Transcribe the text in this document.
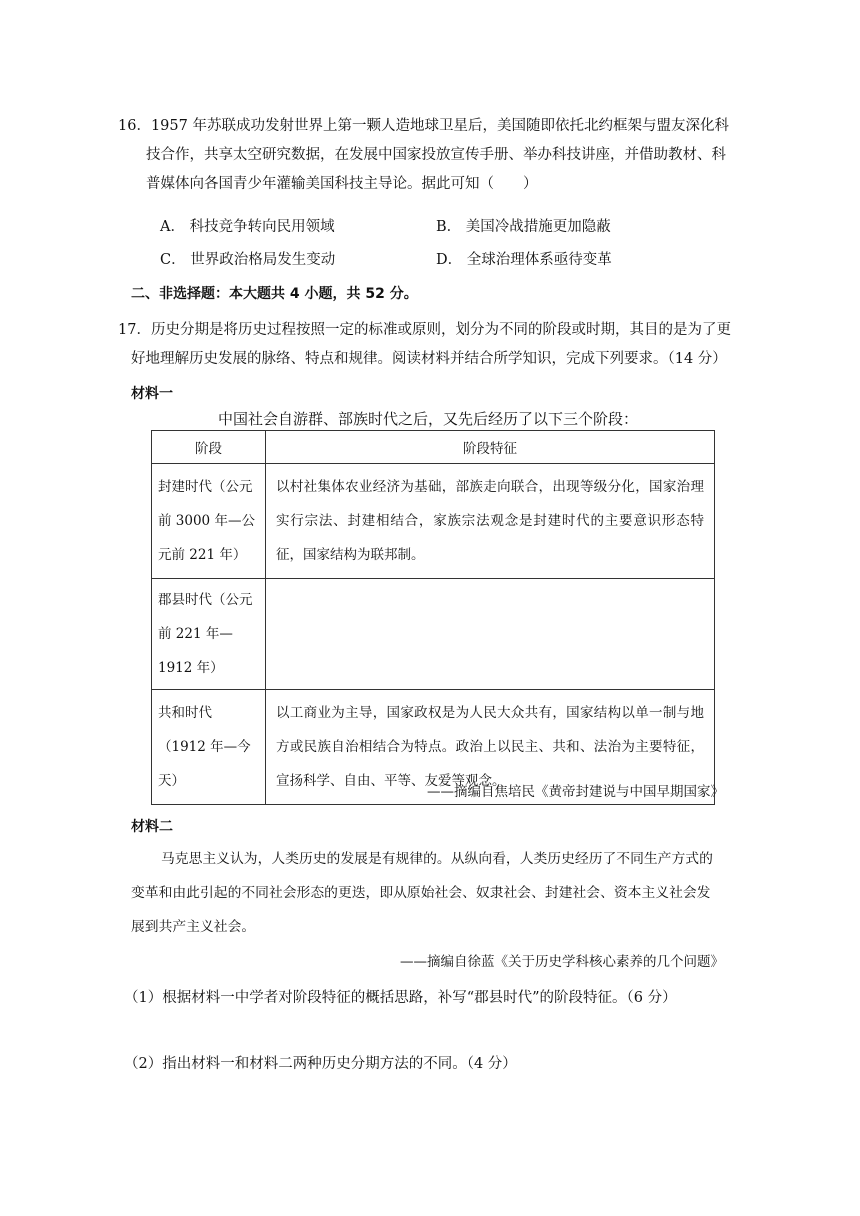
16．1957 年苏联成功发射世界上第一颗人造地球卫星后，美国随即依托北约框架与盟友深化科
技合作，共享太空研究数据，在发展中国家投放宣传手册、举办科技讲座，并借助教材、科
普媒体向各国青少年灌输美国科技主导论。据此可知（　　）
A． 科技竞争转向民用领域	B． 美国冷战措施更加隐蔽
C． 世界政治格局发生变动	D． 全球治理体系亟待变革
二、非选择题：本大题共 4 小题，共 52 分。
17．历史分期是将历史过程按照一定的标准或原则，划分为不同的阶段或时期，其目的是为了更
好地理解历史发展的脉络、特点和规律。阅读材料并结合所学知识，完成下列要求。（14 分）
材料一
中国社会自游群、部族时代之后，又先后经历了以下三个阶段：
阶段	阶段特征
封建时代（公元前 3000 年—公元前 221 年）	以村社集体农业经济为基础，部族走向联合，出现等级分化，国家治理实行宗法、封建相结合，家族宗法观念是封建时代的主要意识形态特征，国家结构为联邦制。
郡县时代（公元前 221 年—1912 年）	
共和时代（1912 年—今天）	以工商业为主导，国家政权是为人民大众共有，国家结构以单一制与地方或民族自治相结合为特点。政治上以民主、共和、法治为主要特征，宣扬科学、自由、平等、友爱等观念。
——摘编自焦培民《黄帝封建说与中国早期国家》
材料二
马克思主义认为，人类历史的发展是有规律的。从纵向看，人类历史经历了不同生产方式的
变革和由此引起的不同社会形态的更迭，即从原始社会、奴隶社会、封建社会、资本主义社会发
展到共产主义社会。
——摘编自徐蓝《关于历史学科核心素养的几个问题》
（1）根据材料一中学者对阶段特征的概括思路，补写“郡县时代”的阶段特征。（6 分）
（2）指出材料一和材料二两种历史分期方法的不同。（4 分）
